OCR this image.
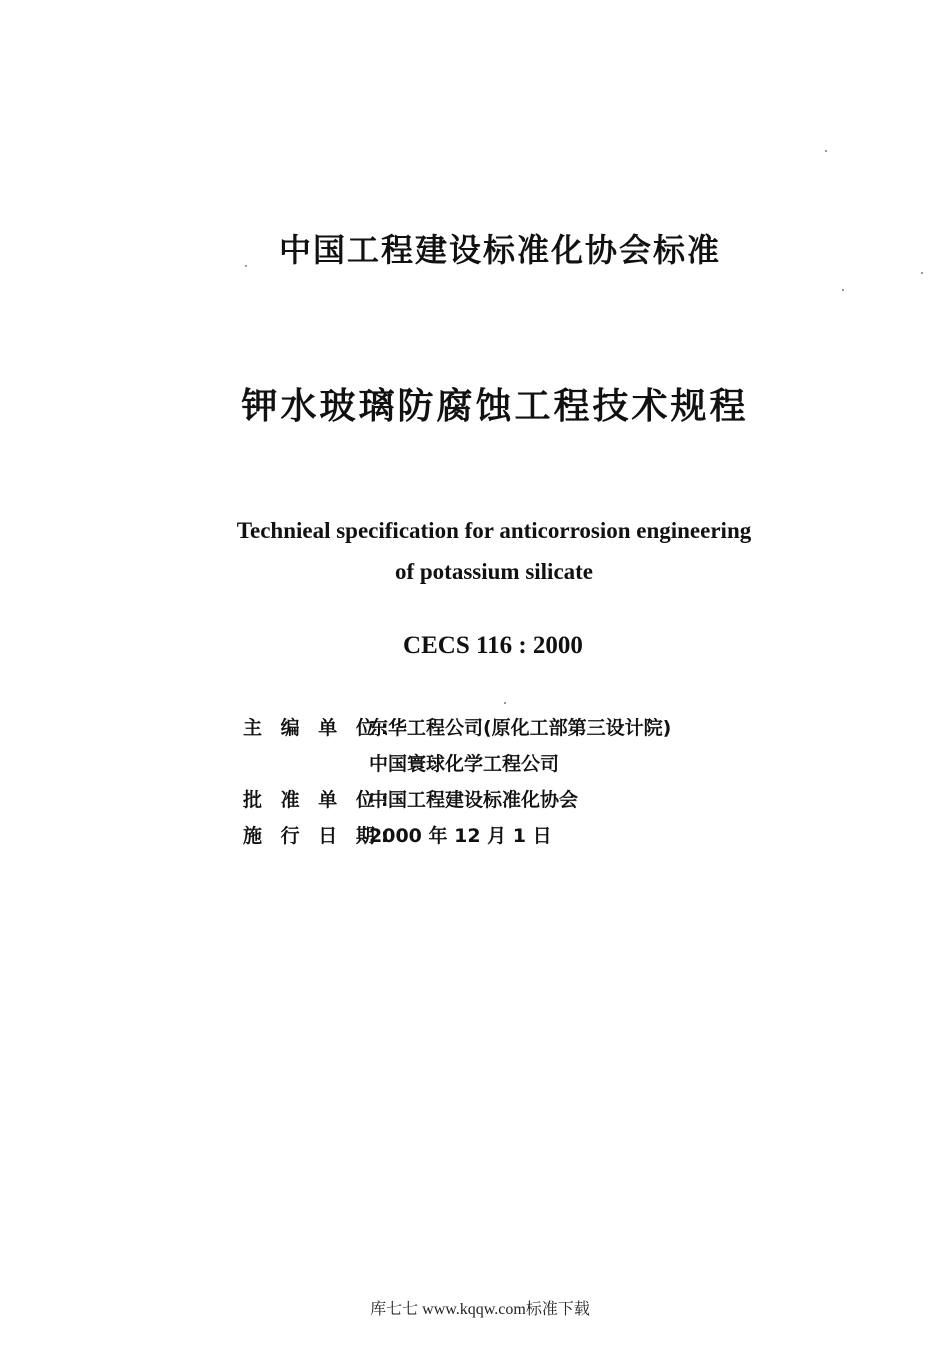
中国工程建设标准化协会标准
钾水玻璃防腐蚀工程技术规程
Technieal specification for anticorrosion engineering
of potassium silicate
CECS 116 : 2000
主 编 单 位:
东华工程公司(原化工部第三设计院)
中国寰球化学工程公司
批 准 单 位:
中国工程建设标准化协会
施 行 日 期:
2000 年 12 月 1 日
库七七 www.kqqw.com标准下载
